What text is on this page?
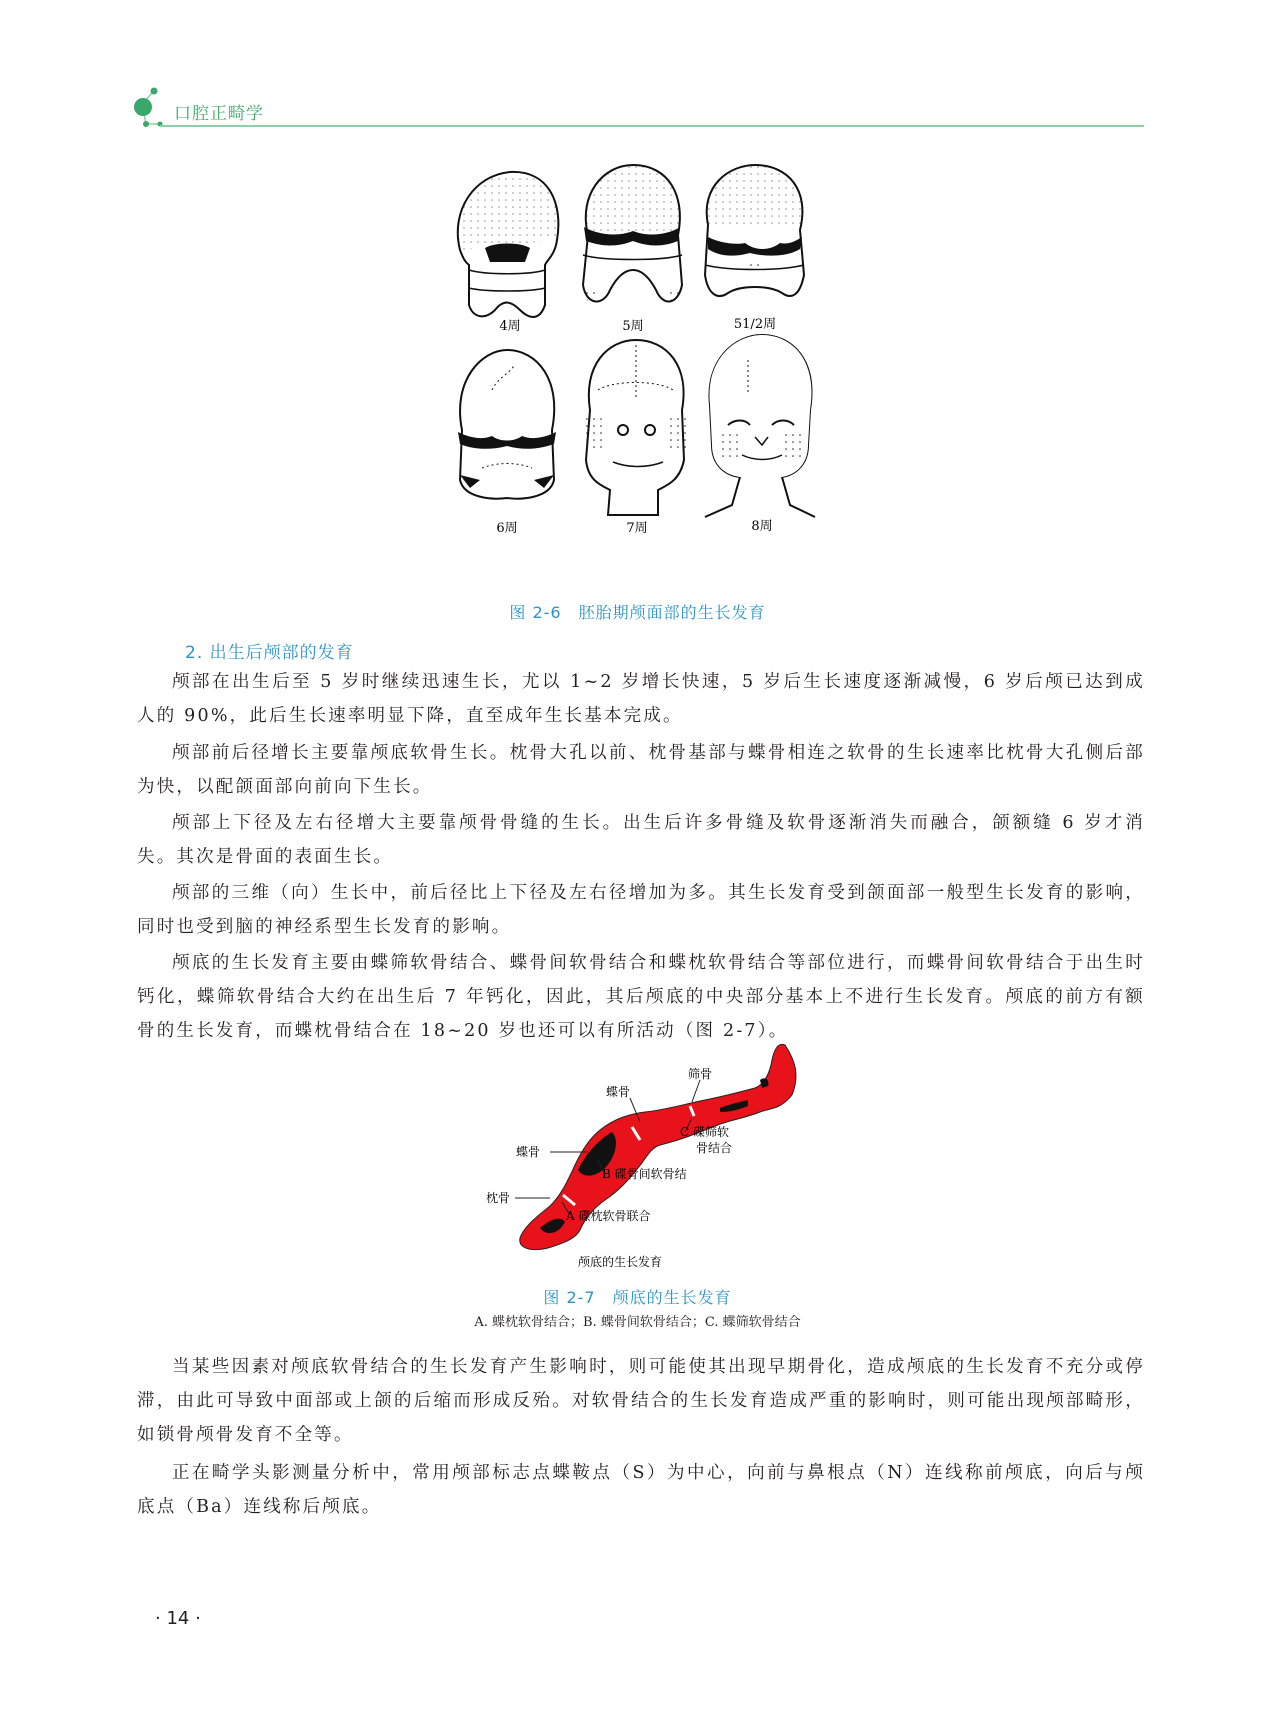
口腔正畸学
4周	5周	51/2周
6周	7周	8周
图 2-6　胚胎期颅面部的生长发育
2. 出生后颅部的发育

颅部在出生后至 5 岁时继续迅速生长，尤以 1~2 岁增长快速，5 岁后生长速度逐渐减慢，6 岁后颅已达到成人的 90%，此后生长速率明显下降，直至成年生长基本完成。

颅部前后径增长主要靠颅底软骨生长。枕骨大孔以前、枕骨基部与蝶骨相连之软骨的生长速率比枕骨大孔侧后部为快，以配颌面部向前向下生长。

颅部上下径及左右径增大主要靠颅骨骨缝的生长。出生后许多骨缝及软骨逐渐消失而融合，颌额缝 6 岁才消失。其次是骨面的表面生长。

颅部的三维（向）生长中，前后径比上下径及左右径增加为多。其生长发育受到颌面部一般型生长发育的影响，同时也受到脑的神经系型生长发育的影响。

颅底的生长发育主要由蝶筛软骨结合、蝶骨间软骨结合和蝶枕软骨结合等部位进行，而蝶骨间软骨结合于出生时钙化，蝶筛软骨结合大约在出生后 7 年钙化，因此，其后颅底的中央部分基本上不进行生长发育。颅底的前方有额骨的生长发育，而蝶枕骨结合在 18~20 岁也还可以有所活动（图 2-7）。

筛骨
蝶骨
蝶骨
枕骨
C 碟筛软
骨结合
B 碟骨间软骨结
A 碟枕软骨联合
颅底的生长发育
图 2-7　颅底的生长发育
A. 蝶枕软骨结合；B. 蝶骨间软骨结合；C. 蝶筛软骨结合

当某些因素对颅底软骨结合的生长发育产生影响时，则可能使其出现早期骨化，造成颅底的生长发育不充分或停滞，由此可导致中面部或上颌的后缩而形成反殆。对软骨结合的生长发育造成严重的影响时，则可能出现颅部畸形，如锁骨颅骨发育不全等。

正在畸学头影测量分析中，常用颅部标志点蝶鞍点（S）为中心，向前与鼻根点（N）连线称前颅底，向后与颅底点（Ba）连线称后颅底。

· 14 ·
